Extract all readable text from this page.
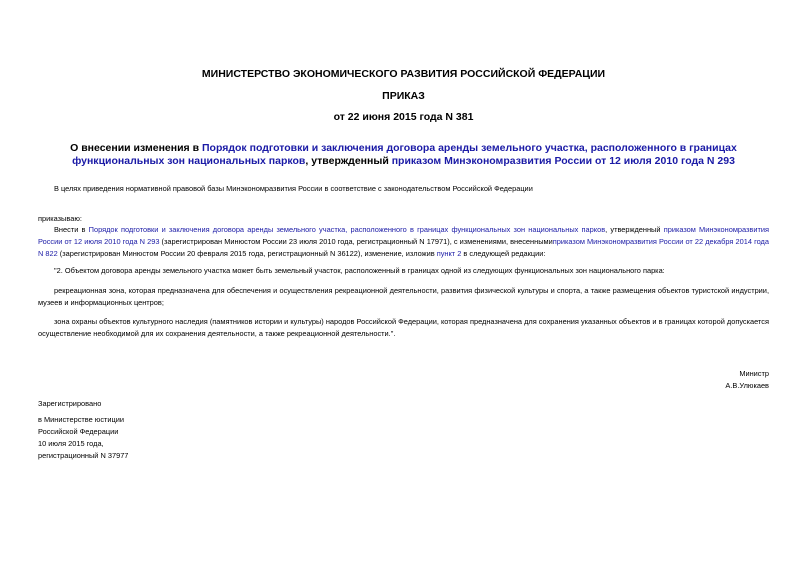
МИНИСТЕРСТВО ЭКОНОМИЧЕСКОГО РАЗВИТИЯ РОССИЙСКОЙ ФЕДЕРАЦИИ
ПРИКАЗ
от 22 июня 2015 года N 381
О внесении изменения в Порядок подготовки и заключения договора аренды земельного участка, расположенного в границах функциональных зон национальных парков, утвержденный приказом Минэкономразвития России от 12 июля 2010 года N 293
В целях приведения нормативной правовой базы Минэкономразвития России в соответствие с законодательством Российской Федерации
приказываю:
Внести в Порядок подготовки и заключения договора аренды земельного участка, расположенного в границах функциональных зон национальных парков, утвержденный приказом Минэкономразвития России от 12 июля 2010 года N 293 (зарегистрирован Минюстом России 23 июля 2010 года, регистрационный N 17971), с изменениями, внесеннымиприказом Минэкономразвития России от 22 декабря 2014 года N 822 (зарегистрирован Минюстом России 20 февраля 2015 года, регистрационный N 36122), изменение, изложив пункт 2 в следующей редакции:
"2. Объектом договора аренды земельного участка может быть земельный участок, расположенный в границах одной из следующих функциональных зон национального парка:
рекреационная зона, которая предназначена для обеспечения и осуществления рекреационной деятельности, развития физической культуры и спорта, а также размещения объектов туристской индустрии, музеев и информационных центров;
зона охраны объектов культурного наследия (памятников истории и культуры) народов Российской Федерации, которая предназначена для сохранения указанных объектов и в границах которой допускается осуществление необходимой для их сохранения деятельности, а также рекреационной деятельности.".
Министр
А.В.Улюкаев
Зарегистрировано
в Министерстве юстиции
Российской Федерации
10 июля 2015 года,
регистрационный N 37977
